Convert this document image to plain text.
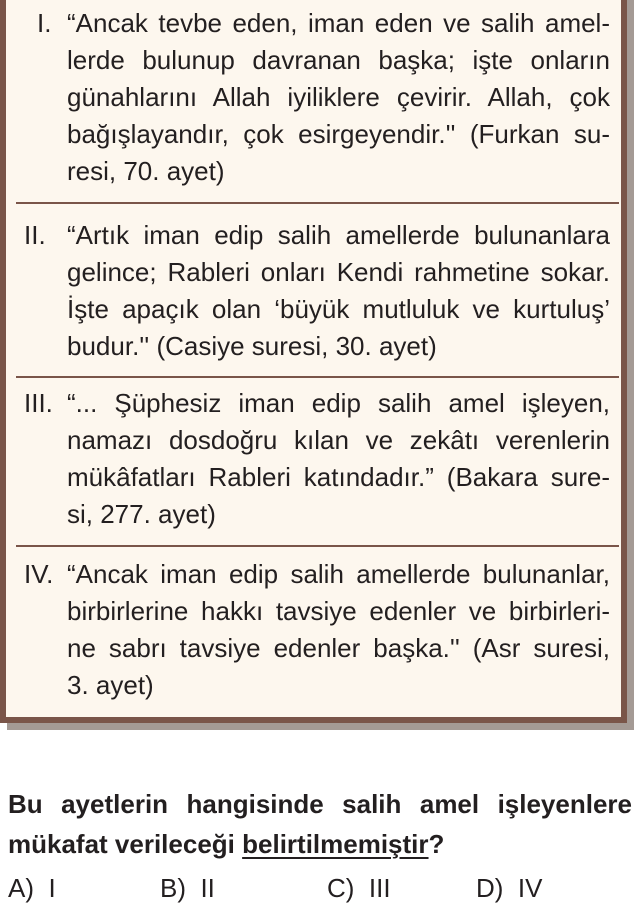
I. “Ancak tevbe eden, iman eden ve salih amel-
lerde bulunup davranan başka; işte onların
günahlarını Allah iyiliklere çevirir. Allah, çok
bağışlayandır, çok esirgeyendir.'' (Furkan su-
resi, 70. ayet)
II. “Artık iman edip salih amellerde bulunanlara
gelince; Rableri onları Kendi rahmetine sokar.
İşte apaçık olan ‘büyük mutluluk ve kurtuluş’
budur.'' (Casiye suresi, 30. ayet)
III. “... Şüphesiz iman edip salih amel işleyen,
namazı dosdoğru kılan ve zekâtı verenlerin
mükâfatları Rableri katındadır.” (Bakara sure-
si, 277. ayet)
IV. “Ancak iman edip salih amellerde bulunanlar,
birbirlerine hakkı tavsiye edenler ve birbirleri-
ne sabrı tavsiye edenler başka.'' (Asr suresi,
3. ayet)
Bu ayetlerin hangisinde salih amel işleyenlere
mükafat verileceği belirtilmemiştir?
A) I	B) II	C) III	D) IV
